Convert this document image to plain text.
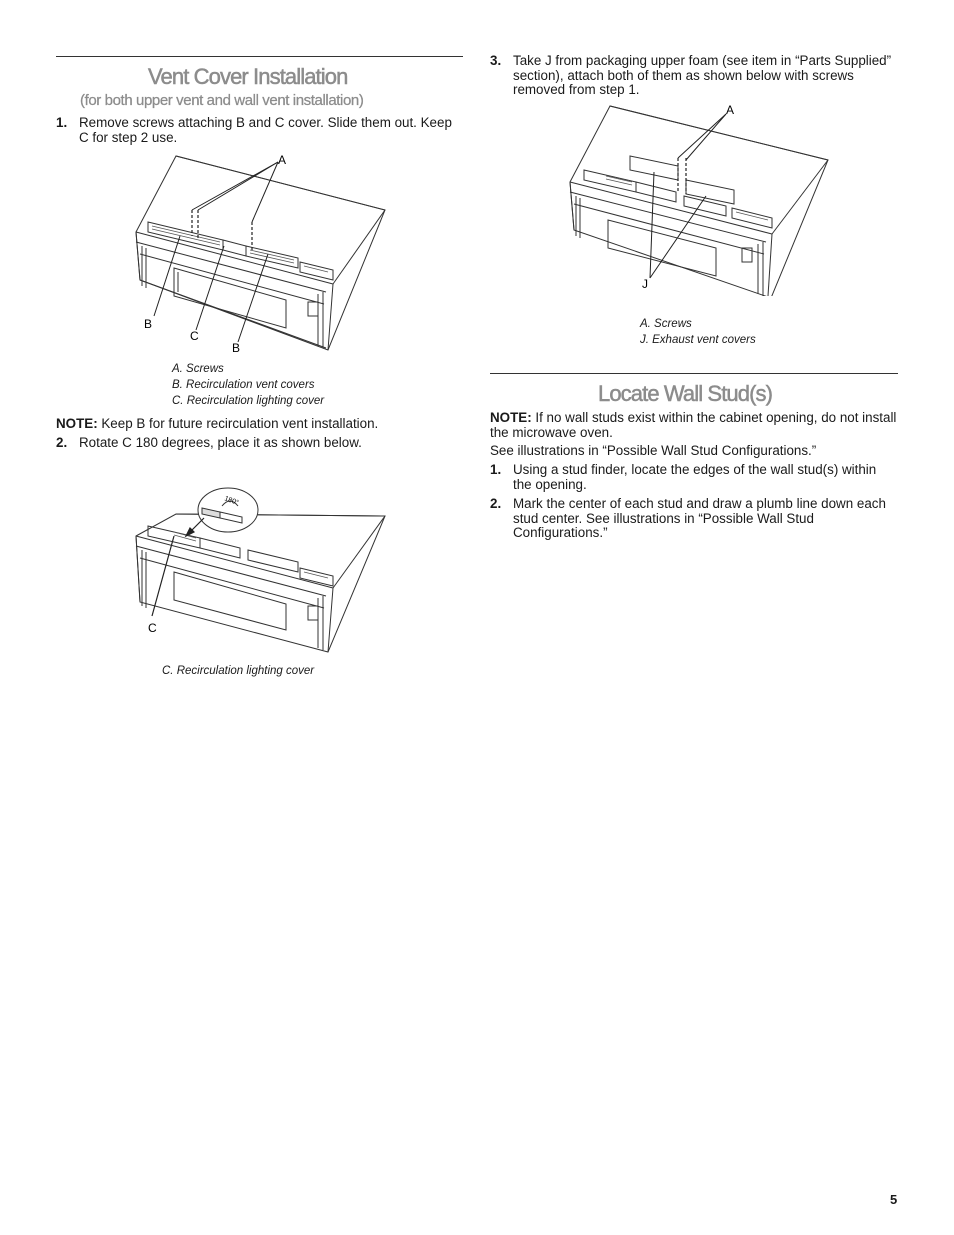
Vent Cover Installation
(for both upper vent and wall vent installation)
1. Remove screws attaching B and C cover. Slide them out. Keep C for step 2 use.
A
B
C
B
A. Screws
B. Recirculation vent covers
C. Recirculation lighting cover
NOTE: Keep B for future recirculation vent installation.
2. Rotate C 180 degrees, place it as shown below.
180°
C
C. Recirculation lighting cover
3. Take J from packaging upper foam (see item in “Parts Supplied” section), attach both of them as shown below with screws removed from step 1.
A
J
A. Screws
J. Exhaust vent covers
Locate Wall Stud(s)
NOTE: If no wall studs exist within the cabinet opening, do not install the microwave oven.
See illustrations in “Possible Wall Stud Configurations.”
1. Using a stud finder, locate the edges of the wall stud(s) within the opening.
2. Mark the center of each stud and draw a plumb line down each stud center. See illustrations in “Possible Wall Stud Configurations.”
5
